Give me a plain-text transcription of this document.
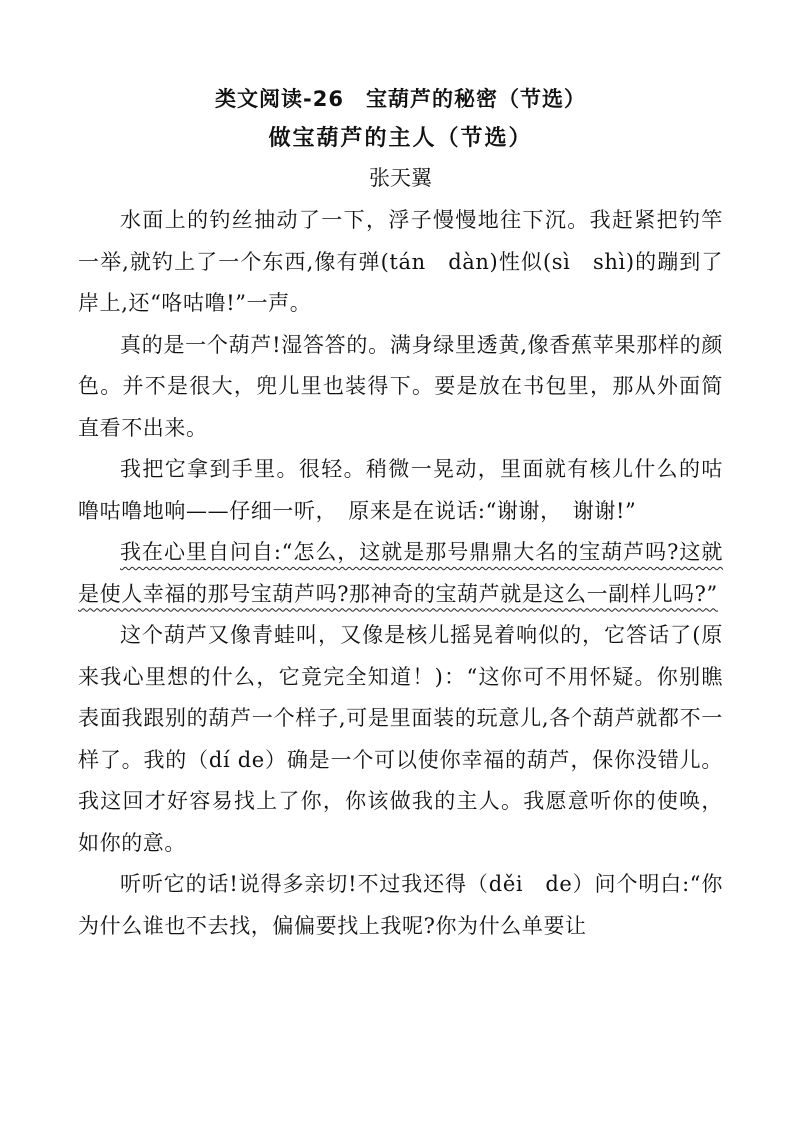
类文阅读-26　宝葫芦的秘密（节选）
做宝葫芦的主人（节选）
张天翼

水面上的钓丝抽动了一下，浮子慢慢地往下沉。我赶紧把钓竿一举,就钓上了一个东西,像有弹(tán　dàn)性似(sì　shì)的蹦到了岸上,还“咯咕噜!”一声。

真的是一个葫芦!湿答答的。满身绿里透黄,像香蕉苹果那样的颜色。并不是很大，兜儿里也装得下。要是放在书包里，那从外面简直看不出来。

我把它拿到手里。很轻。稍微一晃动，里面就有核儿什么的咕噜咕噜地响——仔细一听，　原来是在说话:“谢谢，　谢谢!”

我在心里自问自:“怎么，这就是那号鼎鼎大名的宝葫芦吗?这就是使人幸福的那号宝葫芦吗?那神奇的宝葫芦就是这么一副样儿吗?”

这个葫芦又像青蛙叫，又像是核儿摇晃着响似的，它答话了(原来我心里想的什么，它竟完全知道！)：“这你可不用怀疑。你别瞧表面我跟别的葫芦一个样子,可是里面装的玩意儿,各个葫芦就都不一样了。我的（dí de）确是一个可以使你幸福的葫芦，保你没错儿。我这回才好容易找上了你，你该做我的主人。我愿意听你的使唤，如你的意。

听听它的话!说得多亲切!不过我还得（děi　de）问个明白:“你为什么谁也不去找，偏偏要找上我呢?你为什么单要让
